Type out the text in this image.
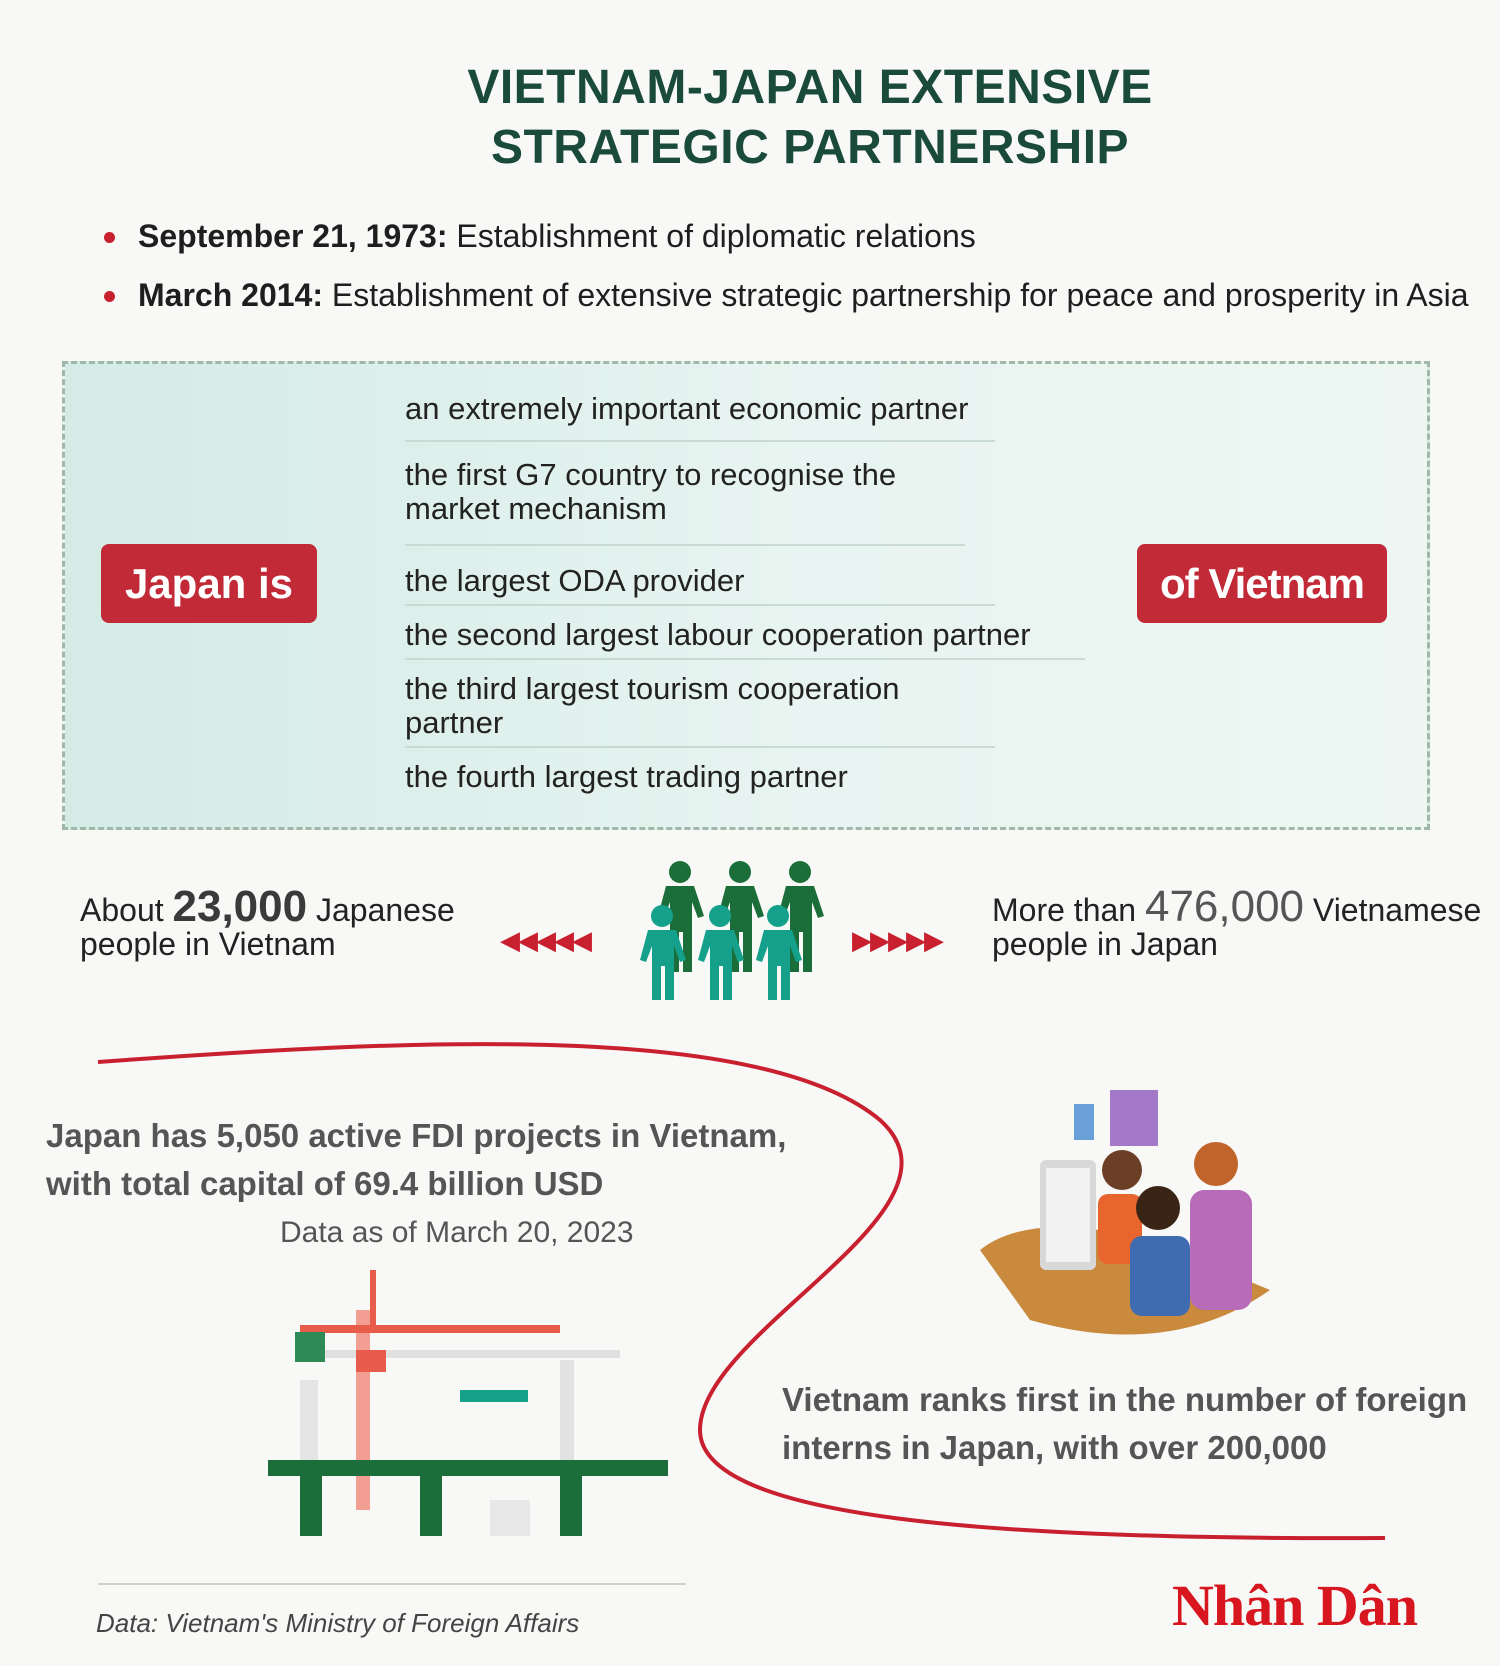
VIETNAM-JAPAN EXTENSIVE STRATEGIC PARTNERSHIP
September 21, 1973: Establishment of diplomatic relations
March 2014: Establishment of extensive strategic partnership for peace and prosperity in Asia
Japan is
an extremely important economic partner
the first G7 country to recognise the market mechanism
the largest ODA provider
the second largest labour cooperation partner
the third largest tourism cooperation partner
the fourth largest trading partner
of Vietnam
About 23,000 Japanese people in Vietnam	◀◀◀◀◀	▶▶▶▶▶
More than 476,000 Vietnamese people in Japan
Japan has 5,050 active FDI projects in Vietnam, with total capital of 69.4 billion USD
Data as of March 20, 2023
Vietnam ranks first in the number of foreign interns in Japan, with over 200,000
Data: Vietnam's Ministry of Foreign Affairs	Nhân Dân
